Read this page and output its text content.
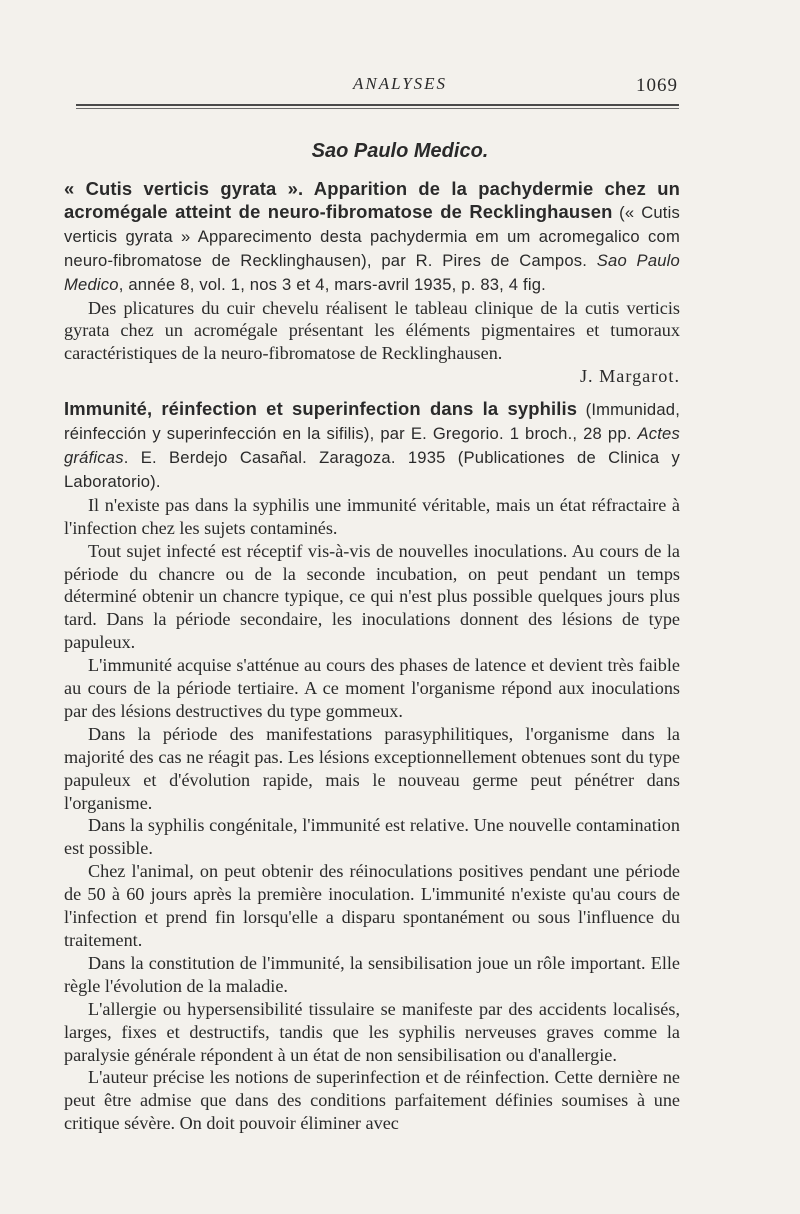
ANALYSES	1069
Sao Paulo Medico.

« Cutis verticis gyrata ». Apparition de la pachydermie chez un acromégale atteint de neuro-fibromatose de Recklinghausen (« Cutis verticis gyrata » Apparecimento desta pachydermia em um acromegalico com neuro-fibromatose de Recklinghausen), par R. Pires de Campos. Sao Paulo Medico, année 8, vol. 1, nos 3 et 4, mars-avril 1935, p. 83, 4 fig.

Des plicatures du cuir chevelu réalisent le tableau clinique de la cutis verticis gyrata chez un acromégale présentant les éléments pigmentaires et tumoraux caractéristiques de la neuro-fibromatose de Recklinghausen.

J. Margarot.

Immunité, réinfection et superinfection dans la syphilis (Immunidad, réinfección y superinfección en la sifilis), par E. Gregorio. 1 broch., 28 pp. Actes gráficas. E. Berdejo Casañal. Zaragoza. 1935 (Publicationes de Clinica y Laboratorio).

Il n'existe pas dans la syphilis une immunité véritable, mais un état réfractaire à l'infection chez les sujets contaminés.

Tout sujet infecté est réceptif vis-à-vis de nouvelles inoculations. Au cours de la période du chancre ou de la seconde incubation, on peut pendant un temps déterminé obtenir un chancre typique, ce qui n'est plus possible quelques jours plus tard. Dans la période secondaire, les inoculations donnent des lésions de type papuleux.

L'immunité acquise s'atténue au cours des phases de latence et devient très faible au cours de la période tertiaire. A ce moment l'organisme répond aux inoculations par des lésions destructives du type gommeux.

Dans la période des manifestations parasyphilitiques, l'organisme dans la majorité des cas ne réagit pas. Les lésions exceptionnellement obtenues sont du type papuleux et d'évolution rapide, mais le nouveau germe peut pénétrer dans l'organisme.

Dans la syphilis congénitale, l'immunité est relative. Une nouvelle contamination est possible.

Chez l'animal, on peut obtenir des réinoculations positives pendant une période de 50 à 60 jours après la première inoculation. L'immunité n'existe qu'au cours de l'infection et prend fin lorsqu'elle a disparu spontanément ou sous l'influence du traitement.

Dans la constitution de l'immunité, la sensibilisation joue un rôle important. Elle règle l'évolution de la maladie.

L'allergie ou hypersensibilité tissulaire se manifeste par des accidents localisés, larges, fixes et destructifs, tandis que les syphilis nerveuses graves comme la paralysie générale répondent à un état de non sensibilisation ou d'anallergie.

L'auteur précise les notions de superinfection et de réinfection. Cette dernière ne peut être admise que dans des conditions parfaitement définies soumises à une critique sévère. On doit pouvoir éliminer avec
